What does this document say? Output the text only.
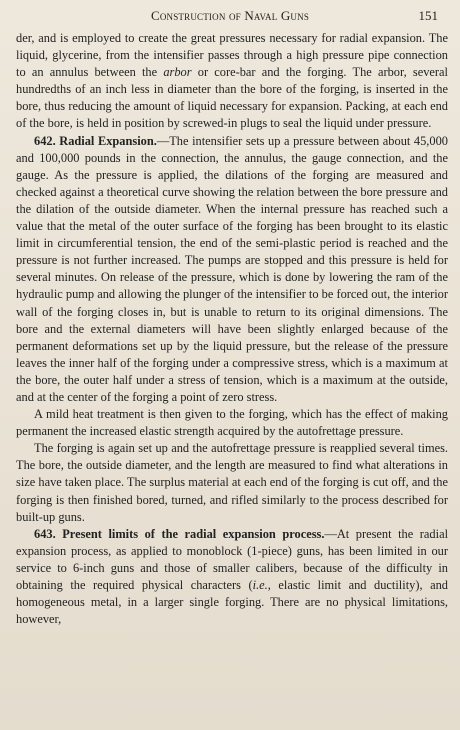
Construction of Naval Guns	151

der, and is employed to create the great pressures necessary for radial expansion. The liquid, glycerine, from the intensifier passes through a high pressure pipe connection to an annulus between the arbor or core-bar and the forging. The arbor, several hundredths of an inch less in diameter than the bore of the forging, is inserted in the bore, thus reducing the amount of liquid necessary for expansion. Packing, at each end of the bore, is held in position by screwed-in plugs to seal the liquid under pressure.

642. Radial Expansion.—The intensifier sets up a pressure between about 45,000 and 100,000 pounds in the connection, the annulus, the gauge connection, and the gauge. As the pressure is applied, the dilations of the forging are measured and checked against a theoretical curve showing the relation between the bore pressure and the dilation of the outside diameter. When the internal pressure has reached such a value that the metal of the outer surface of the forging has been brought to its elastic limit in circumferential tension, the end of the semi-plastic period is reached and the pressure is not further increased. The pumps are stopped and this pressure is held for several minutes. On release of the pressure, which is done by lowering the ram of the hydraulic pump and allowing the plunger of the intensifier to be forced out, the interior wall of the forging closes in, but is unable to return to its original dimensions. The bore and the external diameters will have been slightly enlarged because of the permanent deformations set up by the liquid pressure, but the release of the pressure leaves the inner half of the forging under a compressive stress, which is a maximum at the bore, the outer half under a stress of tension, which is a maximum at the outside, and at the center of the forging a point of zero stress.

A mild heat treatment is then given to the forging, which has the effect of making permanent the increased elastic strength acquired by the autofrettage pressure.

The forging is again set up and the autofrettage pressure is reapplied several times. The bore, the outside diameter, and the length are measured to find what alterations in size have taken place. The surplus material at each end of the forging is cut off, and the forging is then finished bored, turned, and rifled similarly to the process described for built-up guns.

643. Present limits of the radial expansion process.—At present the radial expansion process, as applied to monoblock (1-piece) guns, has been limited in our service to 6-inch guns and those of smaller calibers, because of the difficulty in obtaining the required physical characters (i.e., elastic limit and ductility), and homogeneous metal, in a larger single forging. There are no physical limitations, however,
